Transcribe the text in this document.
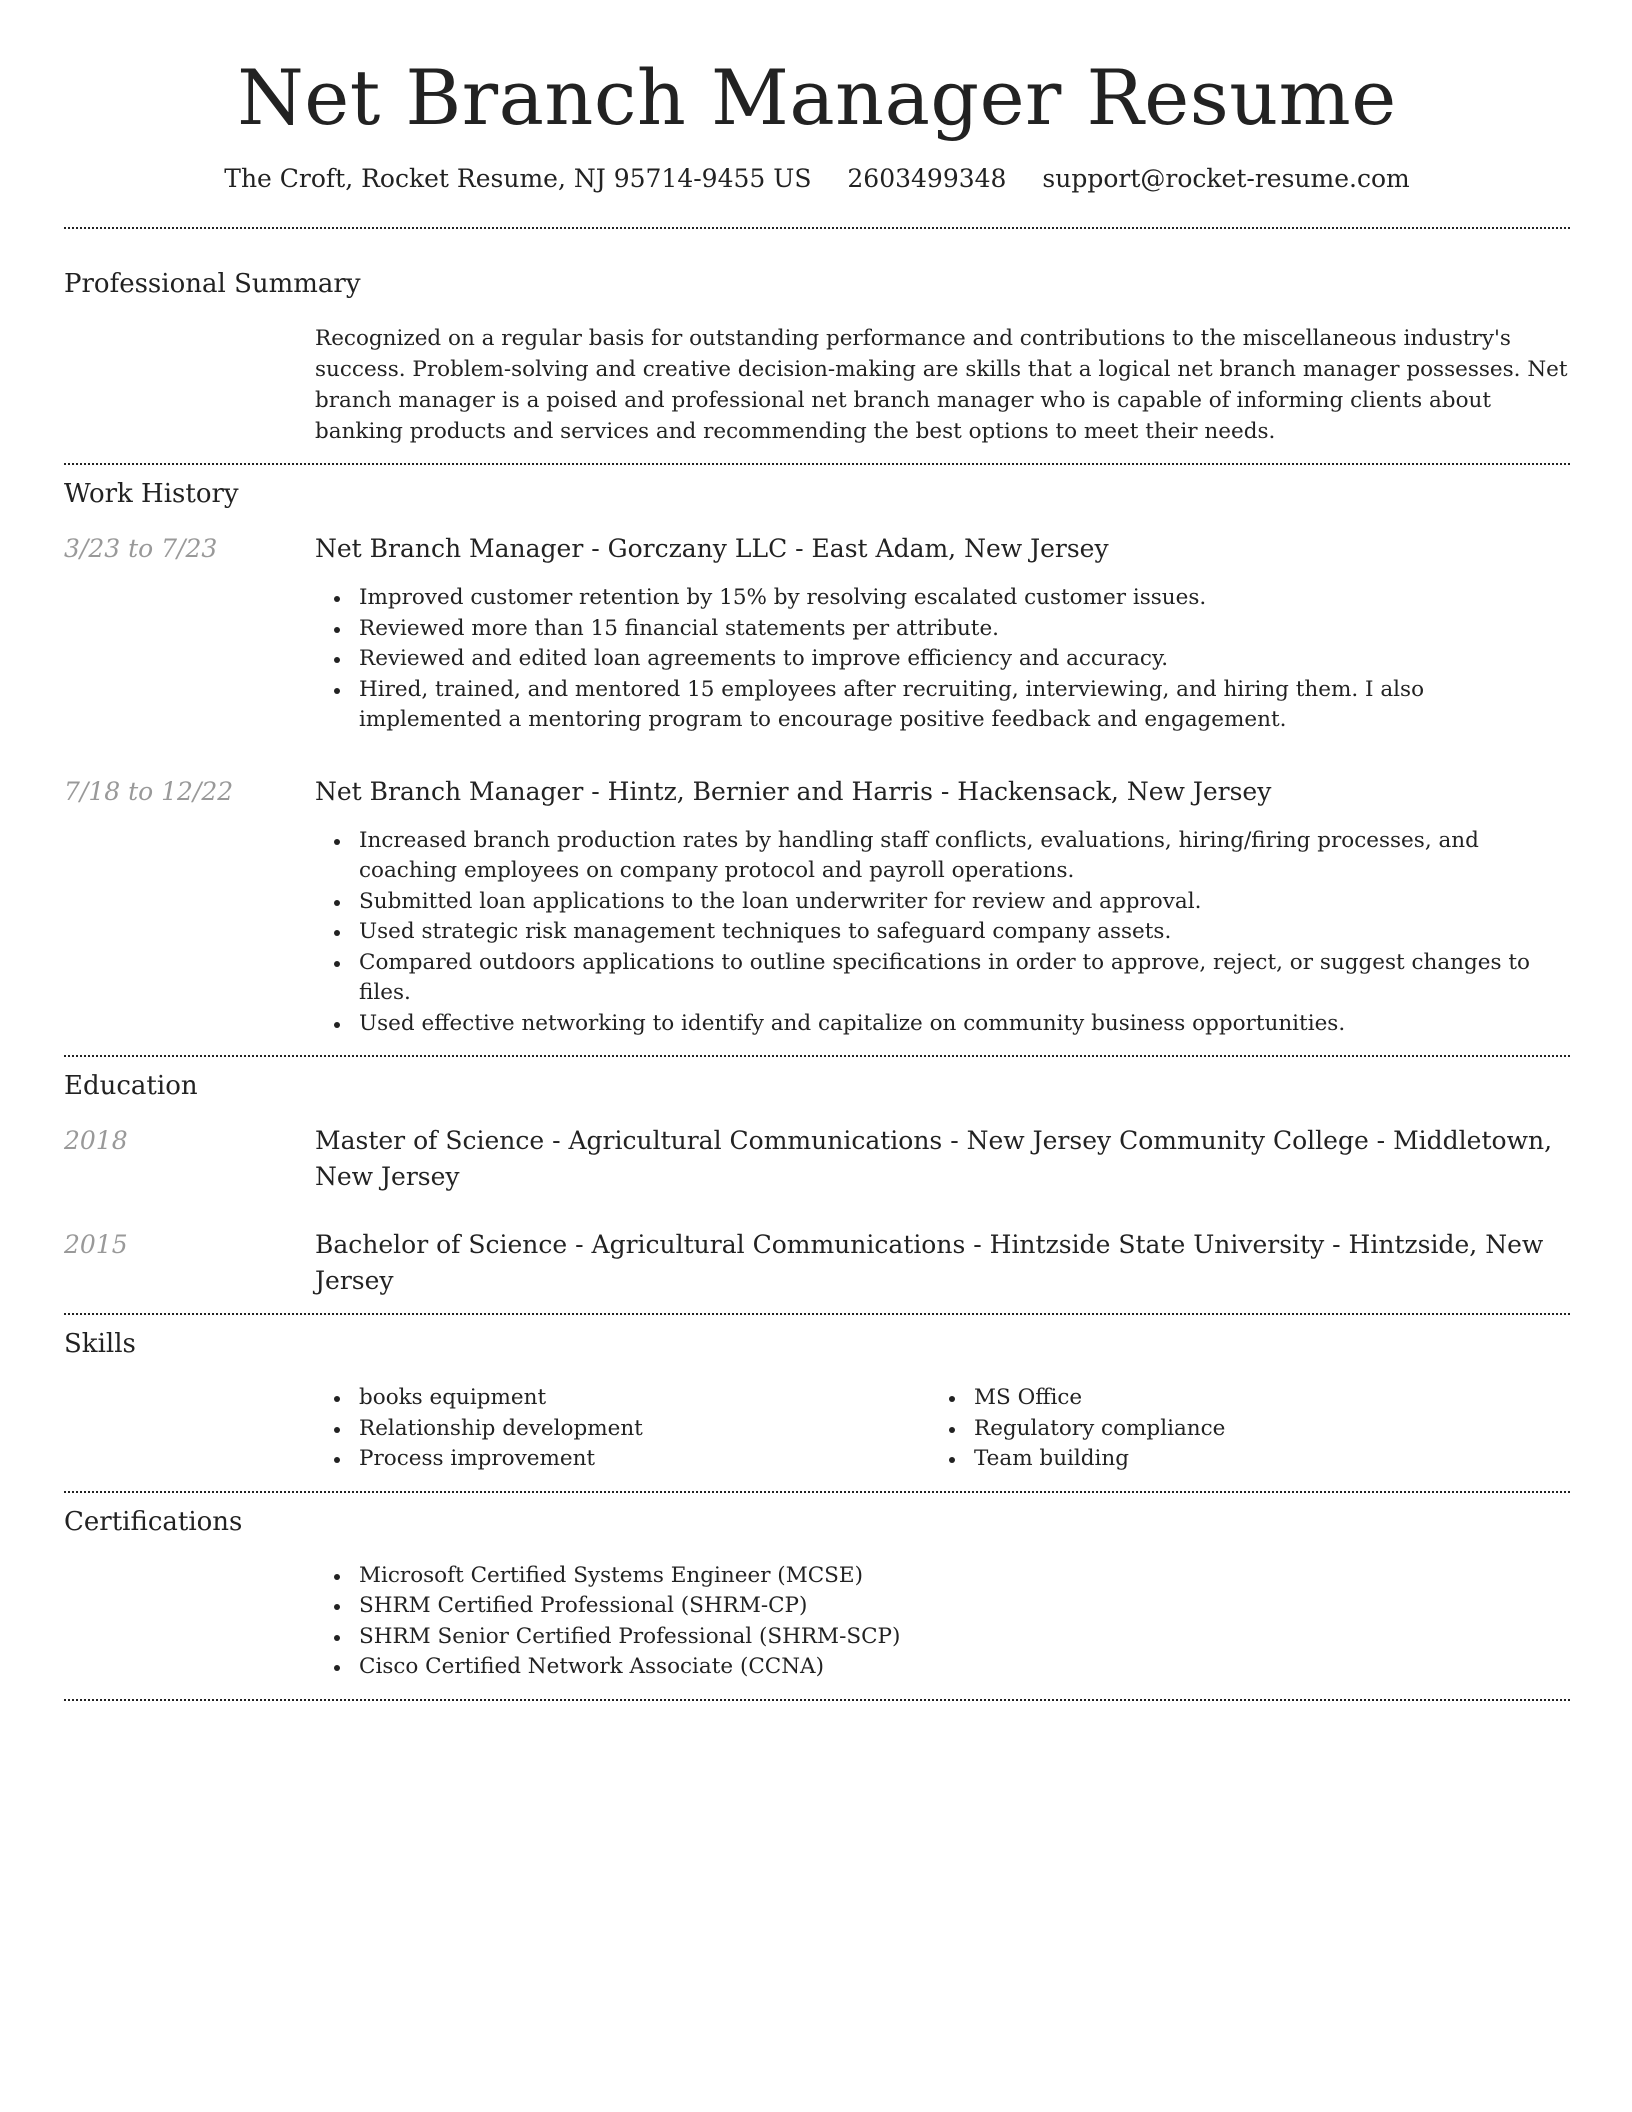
Net Branch Manager Resume
The Croft, Rocket Resume, NJ 95714-9455 US 2603499348 support@rocket-resume.com
Professional Summary

Recognized on a regular basis for outstanding performance and contributions to the miscellaneous industry's success. Problem-solving and creative decision-making are skills that a logical net branch manager possesses. Net branch manager is a poised and professional net branch manager who is capable of informing clients about banking products and services and recommending the best options to meet their needs.

Work History
3/23 to 7/23	Net Branch Manager - Gorczany LLC - East Adam, New Jersey
Improved customer retention by 15% by resolving escalated customer issues.
Reviewed more than 15 financial statements per attribute.
Reviewed and edited loan agreements to improve efficiency and accuracy.
Hired, trained, and mentored 15 employees after recruiting, interviewing, and hiring them. I also implemented a mentoring program to encourage positive feedback and engagement.
7/18 to 12/22	Net Branch Manager - Hintz, Bernier and Harris - Hackensack, New Jersey
Increased branch production rates by handling staff conflicts, evaluations, hiring/firing processes, and coaching employees on company protocol and payroll operations.
Submitted loan applications to the loan underwriter for review and approval.
Used strategic risk management techniques to safeguard company assets.
Compared outdoors applications to outline specifications in order to approve, reject, or suggest changes to files.
Used effective networking to identify and capitalize on community business opportunities.
Education
2018	Master of Science - Agricultural Communications - New Jersey Community College - Middletown, New Jersey
2015	Bachelor of Science - Agricultural Communications - Hintzside State University - Hintzside, New Jersey
Skills
books equipment
Relationship development
Process improvement
MS Office
Regulatory compliance
Team building
Certifications
Microsoft Certified Systems Engineer (MCSE)
SHRM Certified Professional (SHRM-CP)
SHRM Senior Certified Professional (SHRM-SCP)
Cisco Certified Network Associate (CCNA)
